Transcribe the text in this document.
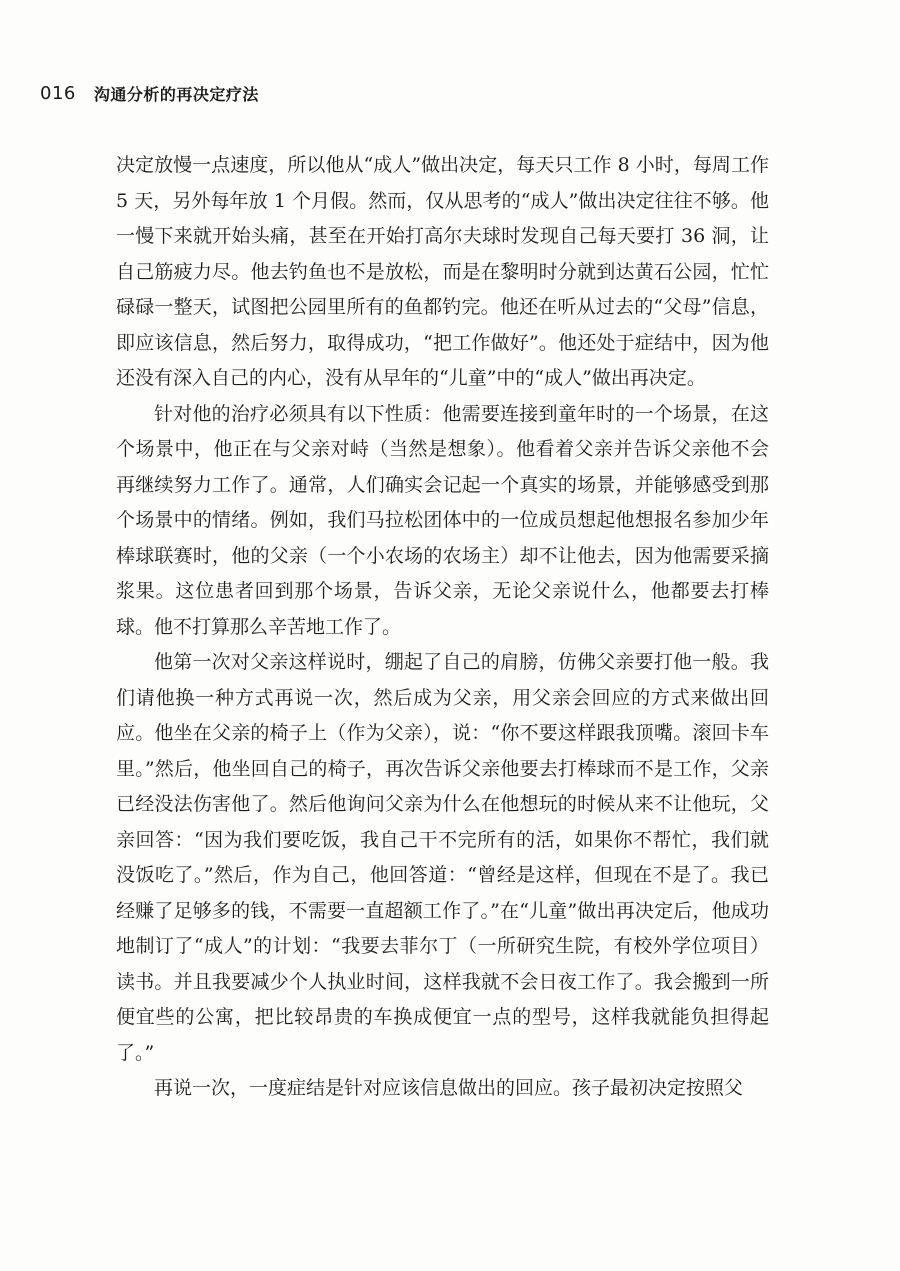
016 沟通分析的再决定疗法

决定放慢一点速度，所以他从“成人”做出决定，每天只工作 8 小时，每周工作 5 天，另外每年放 1 个月假。然而，仅从思考的“成人”做出决定往往不够。他一慢下来就开始头痛，甚至在开始打高尔夫球时发现自己每天要打 36 洞，让自己筋疲力尽。他去钓鱼也不是放松，而是在黎明时分就到达黄石公园，忙忙碌碌一整天，试图把公园里所有的鱼都钓完。他还在听从过去的“父母”信息，即应该信息，然后努力，取得成功，“把工作做好”。他还处于症结中，因为他还没有深入自己的内心，没有从早年的“儿童”中的“成人”做出再决定。

针对他的治疗必须具有以下性质：他需要连接到童年时的一个场景，在这个场景中，他正在与父亲对峙（当然是想象）。他看着父亲并告诉父亲他不会再继续努力工作了。通常，人们确实会记起一个真实的场景，并能够感受到那个场景中的情绪。例如，我们马拉松团体中的一位成员想起他想报名参加少年棒球联赛时，他的父亲（一个小农场的农场主）却不让他去，因为他需要采摘浆果。这位患者回到那个场景，告诉父亲，无论父亲说什么，他都要去打棒球。他不打算那么辛苦地工作了。

他第一次对父亲这样说时，绷起了自己的肩膀，仿佛父亲要打他一般。我们请他换一种方式再说一次，然后成为父亲，用父亲会回应的方式来做出回应。他坐在父亲的椅子上（作为父亲），说：“你不要这样跟我顶嘴。滚回卡车里。”然后，他坐回自己的椅子，再次告诉父亲他要去打棒球而不是工作，父亲已经没法伤害他了。然后他询问父亲为什么在他想玩的时候从来不让他玩，父亲回答：“因为我们要吃饭，我自己干不完所有的活，如果你不帮忙，我们就没饭吃了。”然后，作为自己，他回答道：“曾经是这样，但现在不是了。我已经赚了足够多的钱，不需要一直超额工作了。”在“儿童”做出再决定后，他成功地制订了“成人”的计划：“我要去菲尔丁（一所研究生院，有校外学位项目）读书。并且我要减少个人执业时间，这样我就不会日夜工作了。我会搬到一所便宜些的公寓，把比较昂贵的车换成便宜一点的型号，这样我就能负担得起了。”

再说一次，一度症结是针对应该信息做出的回应。孩子最初决定按照父
